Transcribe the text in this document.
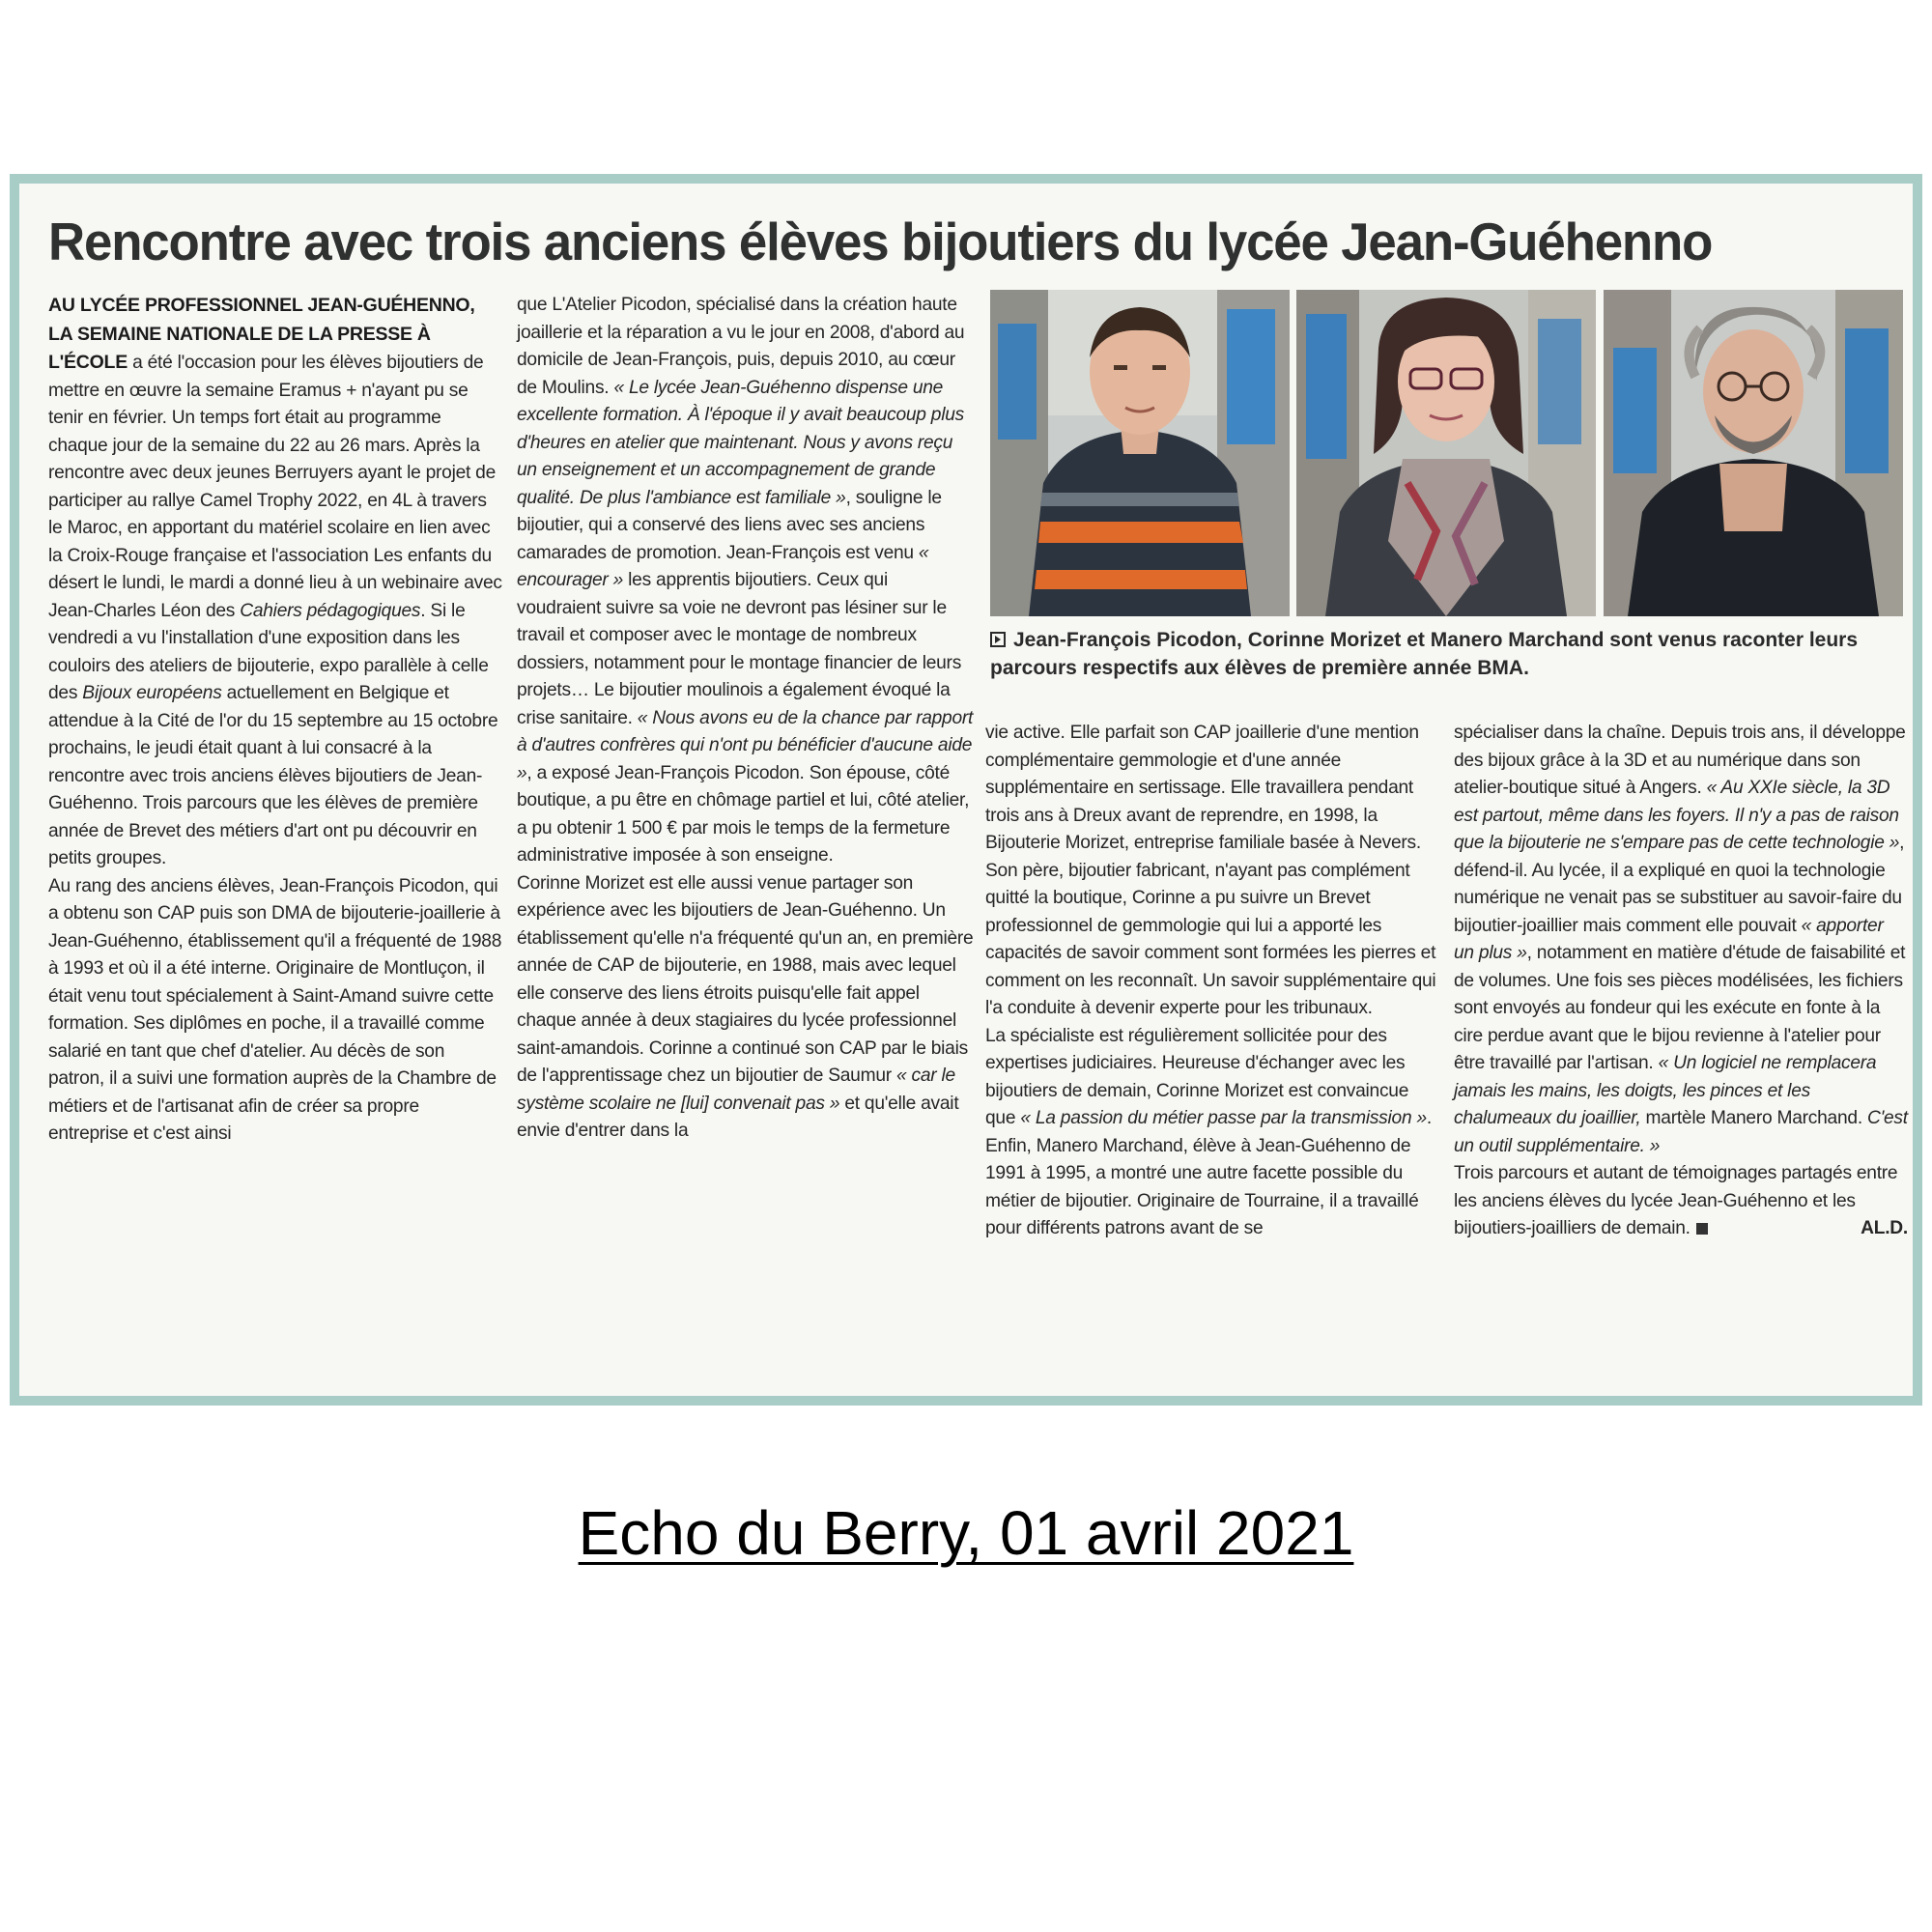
Rencontre avec trois anciens élèves bijoutiers du lycée Jean-Guéhenno

AU LYCÉE PROFESSIONNEL JEAN-GUÉHENNO, LA SEMAINE NATIONALE DE LA PRESSE À L'ÉCOLE a été l'occasion pour les élèves bijoutiers de mettre en œuvre la semaine Eramus + n'ayant pu se tenir en février. Un temps fort était au programme chaque jour de la semaine du 22 au 26 mars. Après la rencontre avec deux jeunes Berruyers ayant le projet de participer au rallye Camel Trophy 2022, en 4L à travers le Maroc, en apportant du matériel scolaire en lien avec la Croix-Rouge française et l'association Les enfants du désert le lundi, le mardi a donné lieu à un webinaire avec Jean-Charles Léon des Cahiers pédagogiques. Si le vendredi a vu l'installation d'une exposition dans les couloirs des ateliers de bijouterie, expo parallèle à celle des Bijoux européens actuellement en Belgique et attendue à la Cité de l'or du 15 septembre au 15 octobre prochains, le jeudi était quant à lui consacré à la rencontre avec trois anciens élèves bijoutiers de Jean-Guéhenno. Trois parcours que les élèves de première année de Brevet des métiers d'art ont pu découvrir en petits groupes.

Au rang des anciens élèves, Jean-François Picodon, qui a obtenu son CAP puis son DMA de bijouterie-joaillerie à Jean-Guéhenno, établissement qu'il a fréquenté de 1988 à 1993 et où il a été interne. Originaire de Montluçon, il était venu tout spécialement à Saint-Amand suivre cette formation. Ses diplômes en poche, il a travaillé comme salarié en tant que chef d'atelier. Au décès de son patron, il a suivi une formation auprès de la Chambre de métiers et de l'artisanat afin de créer sa propre entreprise et c'est ainsi

que L'Atelier Picodon, spécialisé dans la création haute joaillerie et la réparation a vu le jour en 2008, d'abord au domicile de Jean-François, puis, depuis 2010, au cœur de Moulins. « Le lycée Jean-Guéhenno dispense une excellente formation. À l'époque il y avait beaucoup plus d'heures en atelier que maintenant. Nous y avons reçu un enseignement et un accompagnement de grande qualité. De plus l'ambiance est familiale », souligne le bijoutier, qui a conservé des liens avec ses anciens camarades de promotion. Jean-François est venu « encourager » les apprentis bijoutiers. Ceux qui voudraient suivre sa voie ne devront pas lésiner sur le travail et composer avec le montage de nombreux dossiers, notamment pour le montage financier de leurs projets… Le bijoutier moulinois a également évoqué la crise sanitaire. « Nous avons eu de la chance par rapport à d'autres confrères qui n'ont pu bénéficier d'aucune aide », a exposé Jean-François Picodon. Son épouse, côté boutique, a pu être en chômage partiel et lui, côté atelier, a pu obtenir 1 500 € par mois le temps de la fermeture administrative imposée à son enseigne.

Corinne Morizet est elle aussi venue partager son expérience avec les bijoutiers de Jean-Guéhenno. Un établissement qu'elle n'a fréquenté qu'un an, en première année de CAP de bijouterie, en 1988, mais avec lequel elle conserve des liens étroits puisqu'elle fait appel chaque année à deux stagiaires du lycée professionnel saint-amandois. Corinne a continué son CAP par le biais de l'apprentissage chez un bijoutier de Saumur « car le système scolaire ne [lui] convenait pas » et qu'elle avait envie d'entrer dans la

Jean-François Picodon, Corinne Morizet et Manero Marchand sont venus raconter leurs parcours respectifs aux élèves de première année BMA.

vie active. Elle parfait son CAP joaillerie d'une mention complémentaire gemmologie et d'une année supplémentaire en sertissage. Elle travaillera pendant trois ans à Dreux avant de reprendre, en 1998, la Bijouterie Morizet, entreprise familiale basée à Nevers. Son père, bijoutier fabricant, n'ayant pas complément quitté la boutique, Corinne a pu suivre un Brevet professionnel de gemmologie qui lui a apporté les capacités de savoir comment sont formées les pierres et comment on les reconnaît. Un savoir supplémentaire qui l'a conduite à devenir experte pour les tribunaux.

La spécialiste est régulièrement sollicitée pour des expertises judiciaires. Heureuse d'échanger avec les bijoutiers de demain, Corinne Morizet est convaincue que « La passion du métier passe par la transmission ». Enfin, Manero Marchand, élève à Jean-Guéhenno de 1991 à 1995, a montré une autre facette possible du métier de bijoutier. Originaire de Tourraine, il a travaillé pour différents patrons avant de se

spécialiser dans la chaîne. Depuis trois ans, il développe des bijoux grâce à la 3D et au numérique dans son atelier-boutique situé à Angers. « Au XXIe siècle, la 3D est partout, même dans les foyers. Il n'y a pas de raison que la bijouterie ne s'empare pas de cette technologie », défend-il. Au lycée, il a expliqué en quoi la technologie numérique ne venait pas se substituer au savoir-faire du bijoutier-joaillier mais comment elle pouvait « apporter un plus », notamment en matière d'étude de faisabilité et de volumes. Une fois ses pièces modélisées, les fichiers sont envoyés au fondeur qui les exécute en fonte à la cire perdue avant que le bijou revienne à l'atelier pour être travaillé par l'artisan. « Un logiciel ne remplacera jamais les mains, les doigts, les pinces et les chalumeaux du joaillier, martèle Manero Marchand. C'est un outil supplémentaire. »

Trois parcours et autant de témoignages partagés entre les anciens élèves du lycée Jean-Guéhenno et les bijoutiers-joailliers de demain.	AL.D.

Echo du Berry, 01 avril 2021
